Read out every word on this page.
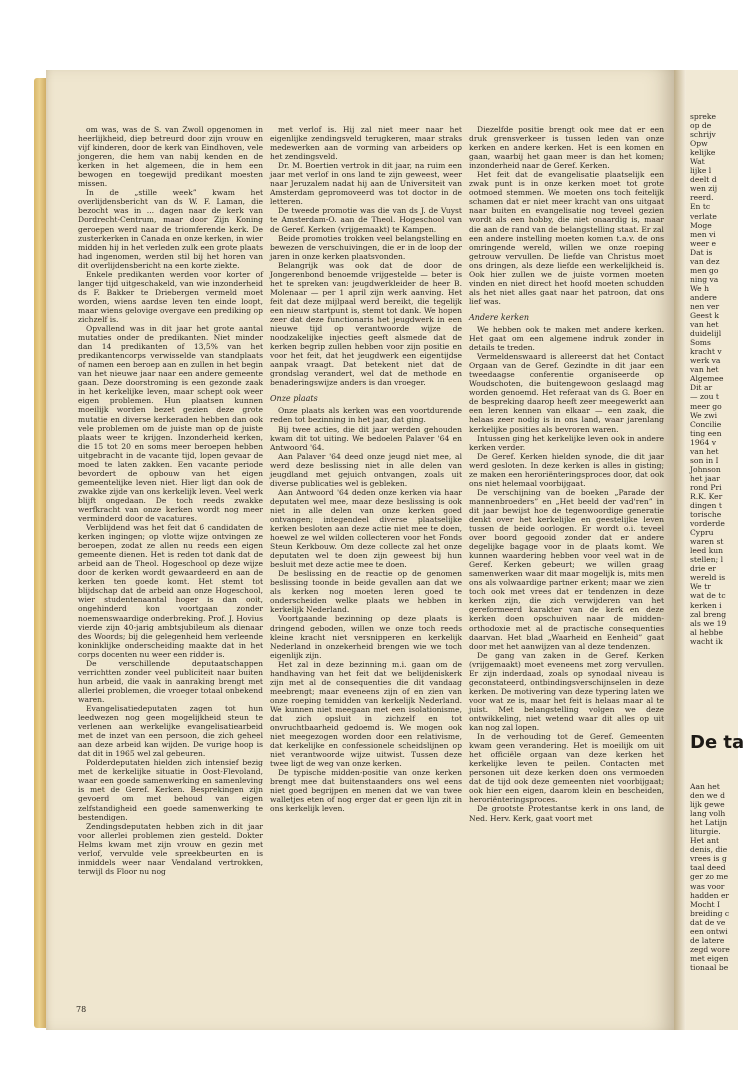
om was, was de S. van Zwoll opgenomen in heerlijkheid, diep betreurd door zijn vrouw en vijf kinderen, door de kerk van Eindhoven, vele jongeren, die hem van nabij kenden en de kerken in het algemeen, die in hem een bewogen en toegewijd predikant moesten missen.

In de „stille week” kwam het overlijdensbericht van ds W. F. Laman, die bezocht was in ... dagen naar de kerk van Dordrecht-Centrum, maar door Zijn Koning geroepen werd naar de triomferende kerk. De zusterkerken in Canada en onze kerken, in wier midden hij in het verleden zulk een grote plaats had ingenomen, werden stil bij het horen van dit overlijdensbericht na een korte ziekte.

Enkele predikanten werden voor korter of langer tijd uitgeschakeld, van wie inzonderheid ds F. Bakker te Driebergen vermeld moet worden, wiens aardse leven ten einde loopt, maar wiens gelovige overgave een prediking op zichzelf is.

Opvallend was in dit jaar het grote aantal mutaties onder de predikanten. Niet minder dan 14 predikanten of 13,5% van het predikantencorps verwisselde van standplaats of namen een beroep aan en zullen in het begin van het nieuwe jaar naar een andere gemeente gaan. Deze doorstroming is een gezonde zaak in het kerkelijke leven, maar schept ook weer eigen problemen. Hun plaatsen kunnen moeilijk worden bezet gezien deze grote mutatie en diverse kerkeraden hebben dan ook vele problemen om de juiste man op de juiste plaats weer te krijgen. Inzonderheid kerken, die 15 tot 20 en soms meer beroepen hebben uitgebracht in de vacante tijd, lopen gevaar de moed te laten zakken. Een vacante periode bevordert de opbouw van het eigen gemeentelijke leven niet. Hier ligt dan ook de zwakke zijde van ons kerkelijk leven. Veel werk blijft ongedaan. De toch reeds zwakke werfkracht van onze kerken wordt nog meer verminderd door de vacatures.

Verblijdend was het feit dat 6 candidaten de kerken ingingen; op vlotte wijze ontvingen ze beroepen, zodat ze allen nu reeds een eigen gemeente dienen. Het is reden tot dank dat de arbeid aan de Theol. Hogeschool op deze wijze door de kerken wordt gewaardeerd en aan de kerken ten goede komt. Het stemt tot blijdschap dat de arbeid aan onze Hogeschool, wier studentenaantal hoger is dan ooit, ongehinderd kon voortgaan zonder noemenswaardige onderbreking. Prof. J. Hovius vierde zijn 40-jarig ambtsjubileum als dienaar des Woords; bij die gelegenheid hem verleende koninklijke onderscheiding maakte dat in het corps docenten nu weer een ridder is.

De verschillende deputaatschappen verrichtten zonder veel publiciteit naar buiten hun arbeid, die vaak in aanraking brengt met allerlei problemen, die vroeger totaal onbekend waren.

Evangelisatiedeputaten zagen tot hun leedwezen nog geen mogelijkheid steun te verlenen aan werkelijke evangelisatiearbeid met de inzet van een persoon, die zich geheel aan deze arbeid kan wijden. De vurige hoop is dat dit in 1965 wel zal gebeuren.

Polderdeputaten hielden zich intensief bezig met de kerkelijke situatie in Oost-Flevoland, waar een goede samenwerking en samenleving is met de Geref. Kerken. Besprekingen zijn gevoerd om met behoud van eigen zelfstandigheid een goede samenwerking te bestendigen.

Zendingsdeputaten hebben zich in dit jaar voor allerlei problemen zien gesteld. Dokter Helms kwam met zijn vrouw en gezin met verlof, vervulde vele spreekbeurten en is inmiddels weer naar Vendaland vertrokken, terwijl ds Floor nu nog

met verlof is. Hij zal niet meer naar het eigenlijke zendingsveld terugkeren, maar straks medewerken aan de vorming van arbeiders op het zendingsveld.

Dr. M. Boertien vertrok in dit jaar, na ruim een jaar met verlof in ons land te zijn geweest, weer naar Jeruzalem nadat hij aan de Universiteit van Amsterdam gepromoveerd was tot doctor in de letteren.

De tweede promotie was die van ds J. de Vuyst te Amsterdam-O. aan de Theol. Hogeschool van de Geref. Kerken (vrijgemaakt) te Kampen.

Beide promoties trokken veel belangstelling en bewezen de verschuivingen, die er in de loop der jaren in onze kerken plaatsvonden.

Belangrijk was ook dat de door de Jongerenbond benoemde vrijgestelde — beter is het te spreken van: jeugdwerkleider de heer B. Molenaar — per 1 april zijn werk aanving. Het feit dat deze mijlpaal werd bereikt, die tegelijk een nieuw startpunt is, stemt tot dank. We hopen zeer dat deze functionaris het jeugdwerk in een nieuwe tijd op verantwoorde wijze de noodzakelijke injecties geeft alsmede dat de kerken begrip zullen hebben voor zijn positie en voor het feit, dat het jeugdwerk een eigentijdse aanpak vraagt. Dat betekent niet dat de grondslag verandert, wel dat de methode en benaderingswijze anders is dan vroeger.

Onze plaats

Onze plaats als kerken was een voortdurende reden tot bezinning in het jaar, dat ging.

Bij twee acties, die dit jaar werden gehouden kwam dit tot uiting. We bedoelen Palaver '64 en Antwoord '64.

Aan Palaver '64 deed onze jeugd niet mee, al werd deze beslissing niet in alle delen van jeugdland met gejuich ontvangen, zoals uit diverse publicaties wel is gebleken.

Aan Antwoord '64 deden onze kerken via haar deputaten wel mee, maar deze beslissing is ook niet in alle delen van onze kerken goed ontvangen; integendeel diverse plaatselijke kerken besloten aan deze actie niet mee te doen, hoewel ze wel wilden collecteren voor het Fonds Steun Kerkbouw. Om deze collecte zal het onze deputaten wel te doen zijn geweest bij hun besluit met deze actie mee te doen.

De beslissing en de reactie op de genomen beslissing toonde in beide gevallen aan dat we als kerken nog moeten leren goed te onderscheiden welke plaats we hebben in kerkelijk Nederland.

Voortgaande bezinning op deze plaats is dringend geboden, willen we onze toch reeds kleine kracht niet versnipperen en kerkelijk Nederland in onzekerheid brengen wie we toch eigenlijk zijn.

Het zal in deze bezinning m.i. gaan om de handhaving van het feit dat we belijdeniskerk zijn met al de consequenties die dit vandaag meebrengt; maar eveneens zijn of en zien van onze roeping temidden van kerkelijk Nederland. We kunnen niet meegaan met een isolationisme, dat zich opsluit in zichzelf en tot onvruchtbaarheid gedoemd is. We mogen ook niet meegezogen worden door een relativisme, dat kerkelijke en confessionele scheidslijnen op niet verantwoorde wijze uitwist. Tussen deze twee ligt de weg van onze kerken.

De typische midden-positie van onze kerken brengt mee dat buitenstaanders ons wel eens niet goed begrijpen en menen dat we van twee walletjes eten of nog erger dat er geen lijn zit in ons kerkelijk leven.

Diezelfde positie brengt ook mee dat er een druk grensverkeer is tussen leden van onze kerken en andere kerken. Het is een komen en gaan, waarbij het gaan meer is dan het komen; inzonderheid naar de Geref. Kerken.

Het feit dat de evangelisatie plaatselijk een zwak punt is in onze kerken moet tot grote ootmoed stemmen. We moeten ons toch feitelijk schamen dat er niet meer kracht van ons uitgaat naar buiten en evangelisatie nog teveel gezien wordt als een hobby, die niet onaardig is, maar die aan de rand van de belangstelling staat. Er zal een andere instelling moeten komen t.a.v. de ons omringende wereld, willen we onze roeping getrouw vervullen. De liefde van Christus moet ons dringen, als deze liefde een werkelijkheid is. Ook hier zullen we de juiste vormen moeten vinden en niet direct het hoofd moeten schudden als het niet alles gaat naar het patroon, dat ons lief was.

Andere kerken

We hebben ook te maken met andere kerken. Het gaat om een algemene indruk zonder in details te treden.

Vermeldenswaard is allereerst dat het Contact Orgaan van de Geref. Gezindte in dit jaar een tweedaagse conferentie organiseerde op Woudschoten, die buitengewoon geslaagd mag worden genoemd. Het referaat van ds G. Boer en de bespreking daarop heeft zeer meegewerkt aan een leren kennen van elkaar — een zaak, die helaas zeer nodig is in ons land, waar jarenlang kerkelijke posities als bevroren waren.

Intussen ging het kerkelijke leven ook in andere kerken verder.

De Geref. Kerken hielden synode, die dit jaar werd gesloten. In deze kerken is alles in gisting; ze maken een heroriënteringsproces door, dat ook ons niet helemaal voorbijgaat.

De verschijning van de boeken „Parade der mannenbroeders” en „Het beeld der vad'ren” in dit jaar bewijst hoe de tegenwoordige generatie denkt over het kerkelijke en geestelijke leven tussen de beide oorlogen. Er wordt o.i. teveel over boord gegooid zonder dat er andere degelijke bagage voor in de plaats komt. We kunnen waardering hebben voor veel wat in de Geref. Kerken gebeurt; we willen graag samenwerken waar dit maar mogelijk is, mits men ons als volwaardige partner erkent; maar we zien toch ook met vrees dat er tendenzen in deze kerken zijn, die zich verwijderen van het gereformeerd karakter van de kerk en deze kerken doen opschuiven naar de midden-orthodoxie met al de practische consequenties daarvan. Het blad „Waarheid en Eenheid” gaat door met het aanwijzen van al deze tendenzen.

De gang van zaken in de Geref. Kerken (vrijgemaakt) moet eveneens met zorg vervullen. Er zijn inderdaad, zoals op synodaal niveau is geconstateerd, ontbindingsverschijnselen in deze kerken. De motivering van deze typering laten we voor wat ze is, maar het feit is helaas maar al te juist. Met belangstelling volgen we deze ontwikkeling, niet wetend waar dit alles op uit kan nog zal lopen.

In de verhouding tot de Geref. Gemeenten kwam geen verandering. Het is moeilijk om uit het officiële orgaan van deze kerken het kerkelijke leven te peilen. Contacten met personen uit deze kerken doen ons vermoeden dat de tijd ook deze gemeenten niet voorbijgaat; ook hier een eigen, daarom klein en bescheiden, heroriënteringsproces.

De grootste Protestantse kerk in ons land, de Ned. Herv. Kerk, gaat voort met

78
spreke
op de
schrijv
Opw
kelijke
Wat
lijke l
deelt d
wen zij
reerd.
En tc
verlate
Moge
men vi
weer e
Dat is
van dez
men go
ning va
We h
andere
nen ver
Geest k
van het
duidelijl
Soms
kracht v
werk va
van het
Algemee
Dit ar
— zou t
meer go
We zwi
Concilie
ting een
1964 v
van het
son in I
Johnson
het jaar
rond Pri
R.K. Ker
dingen t
torische
vorderde
Cypru
waren st
leed kun
stellen; l
drie er
wereld is
We tr
wat de tc
kerken i
zal breng
als we 19
al hebbe
wacht ik
De ta
Aan het
den we d
lijk gewe
lang volh
het Latijn
liturgie.
Het ant
denis, die
vrees is g
taal deed
ger zo me
was voor
hadden er
Mocht I
breiding c
dat de ve
een ontwi
de latere
zegd wore
met eigen
tionaal be
